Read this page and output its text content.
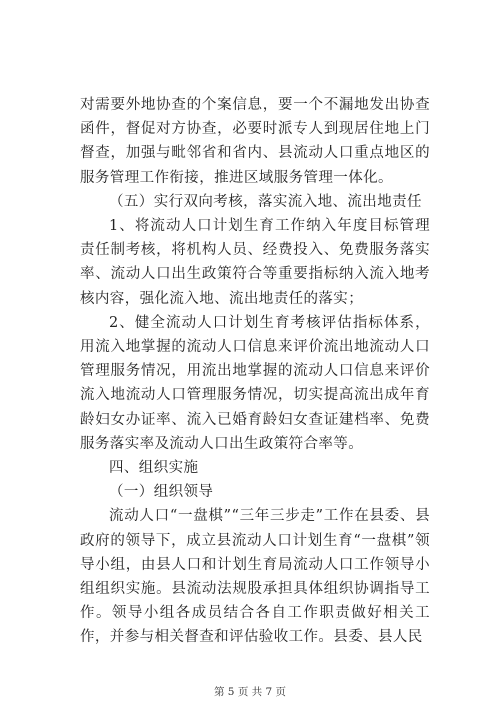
对需要外地协查的个案信息，要一个不漏地发出协查函件，督促对方协查，必要时派专人到现居住地上门督查，加强与毗邻省和省内、县流动人口重点地区的服务管理工作衔接，推进区域服务管理一体化。

（五）实行双向考核，落实流入地、流出地责任

1、将流动人口计划生育工作纳入年度目标管理责任制考核，将机构人员、经费投入、免费服务落实率、流动人口出生政策符合等重要指标纳入流入地考核内容，强化流入地、流出地责任的落实；

2、健全流动人口计划生育考核评估指标体系，用流入地掌握的流动人口信息来评价流出地流动人口管理服务情况，用流出地掌握的流动人口信息来评价流入地流动人口管理服务情况，切实提高流出成年育龄妇女办证率、流入已婚育龄妇女查证建档率、免费服务落实率及流动人口出生政策符合率等。

四、组织实施

（一）组织领导

流动人口“一盘棋”“三年三步走”工作在县委、县政府的领导下，成立县流动人口计划生育“一盘棋”领导小组，由县人口和计划生育局流动人口工作领导小组组织实施。县流动法规股承担具体组织协调指导工作。领导小组各成员结合各自工作职责做好相关工作，并参与相关督查和评估验收工作。县委、县人民

第 5 页 共 7 页
